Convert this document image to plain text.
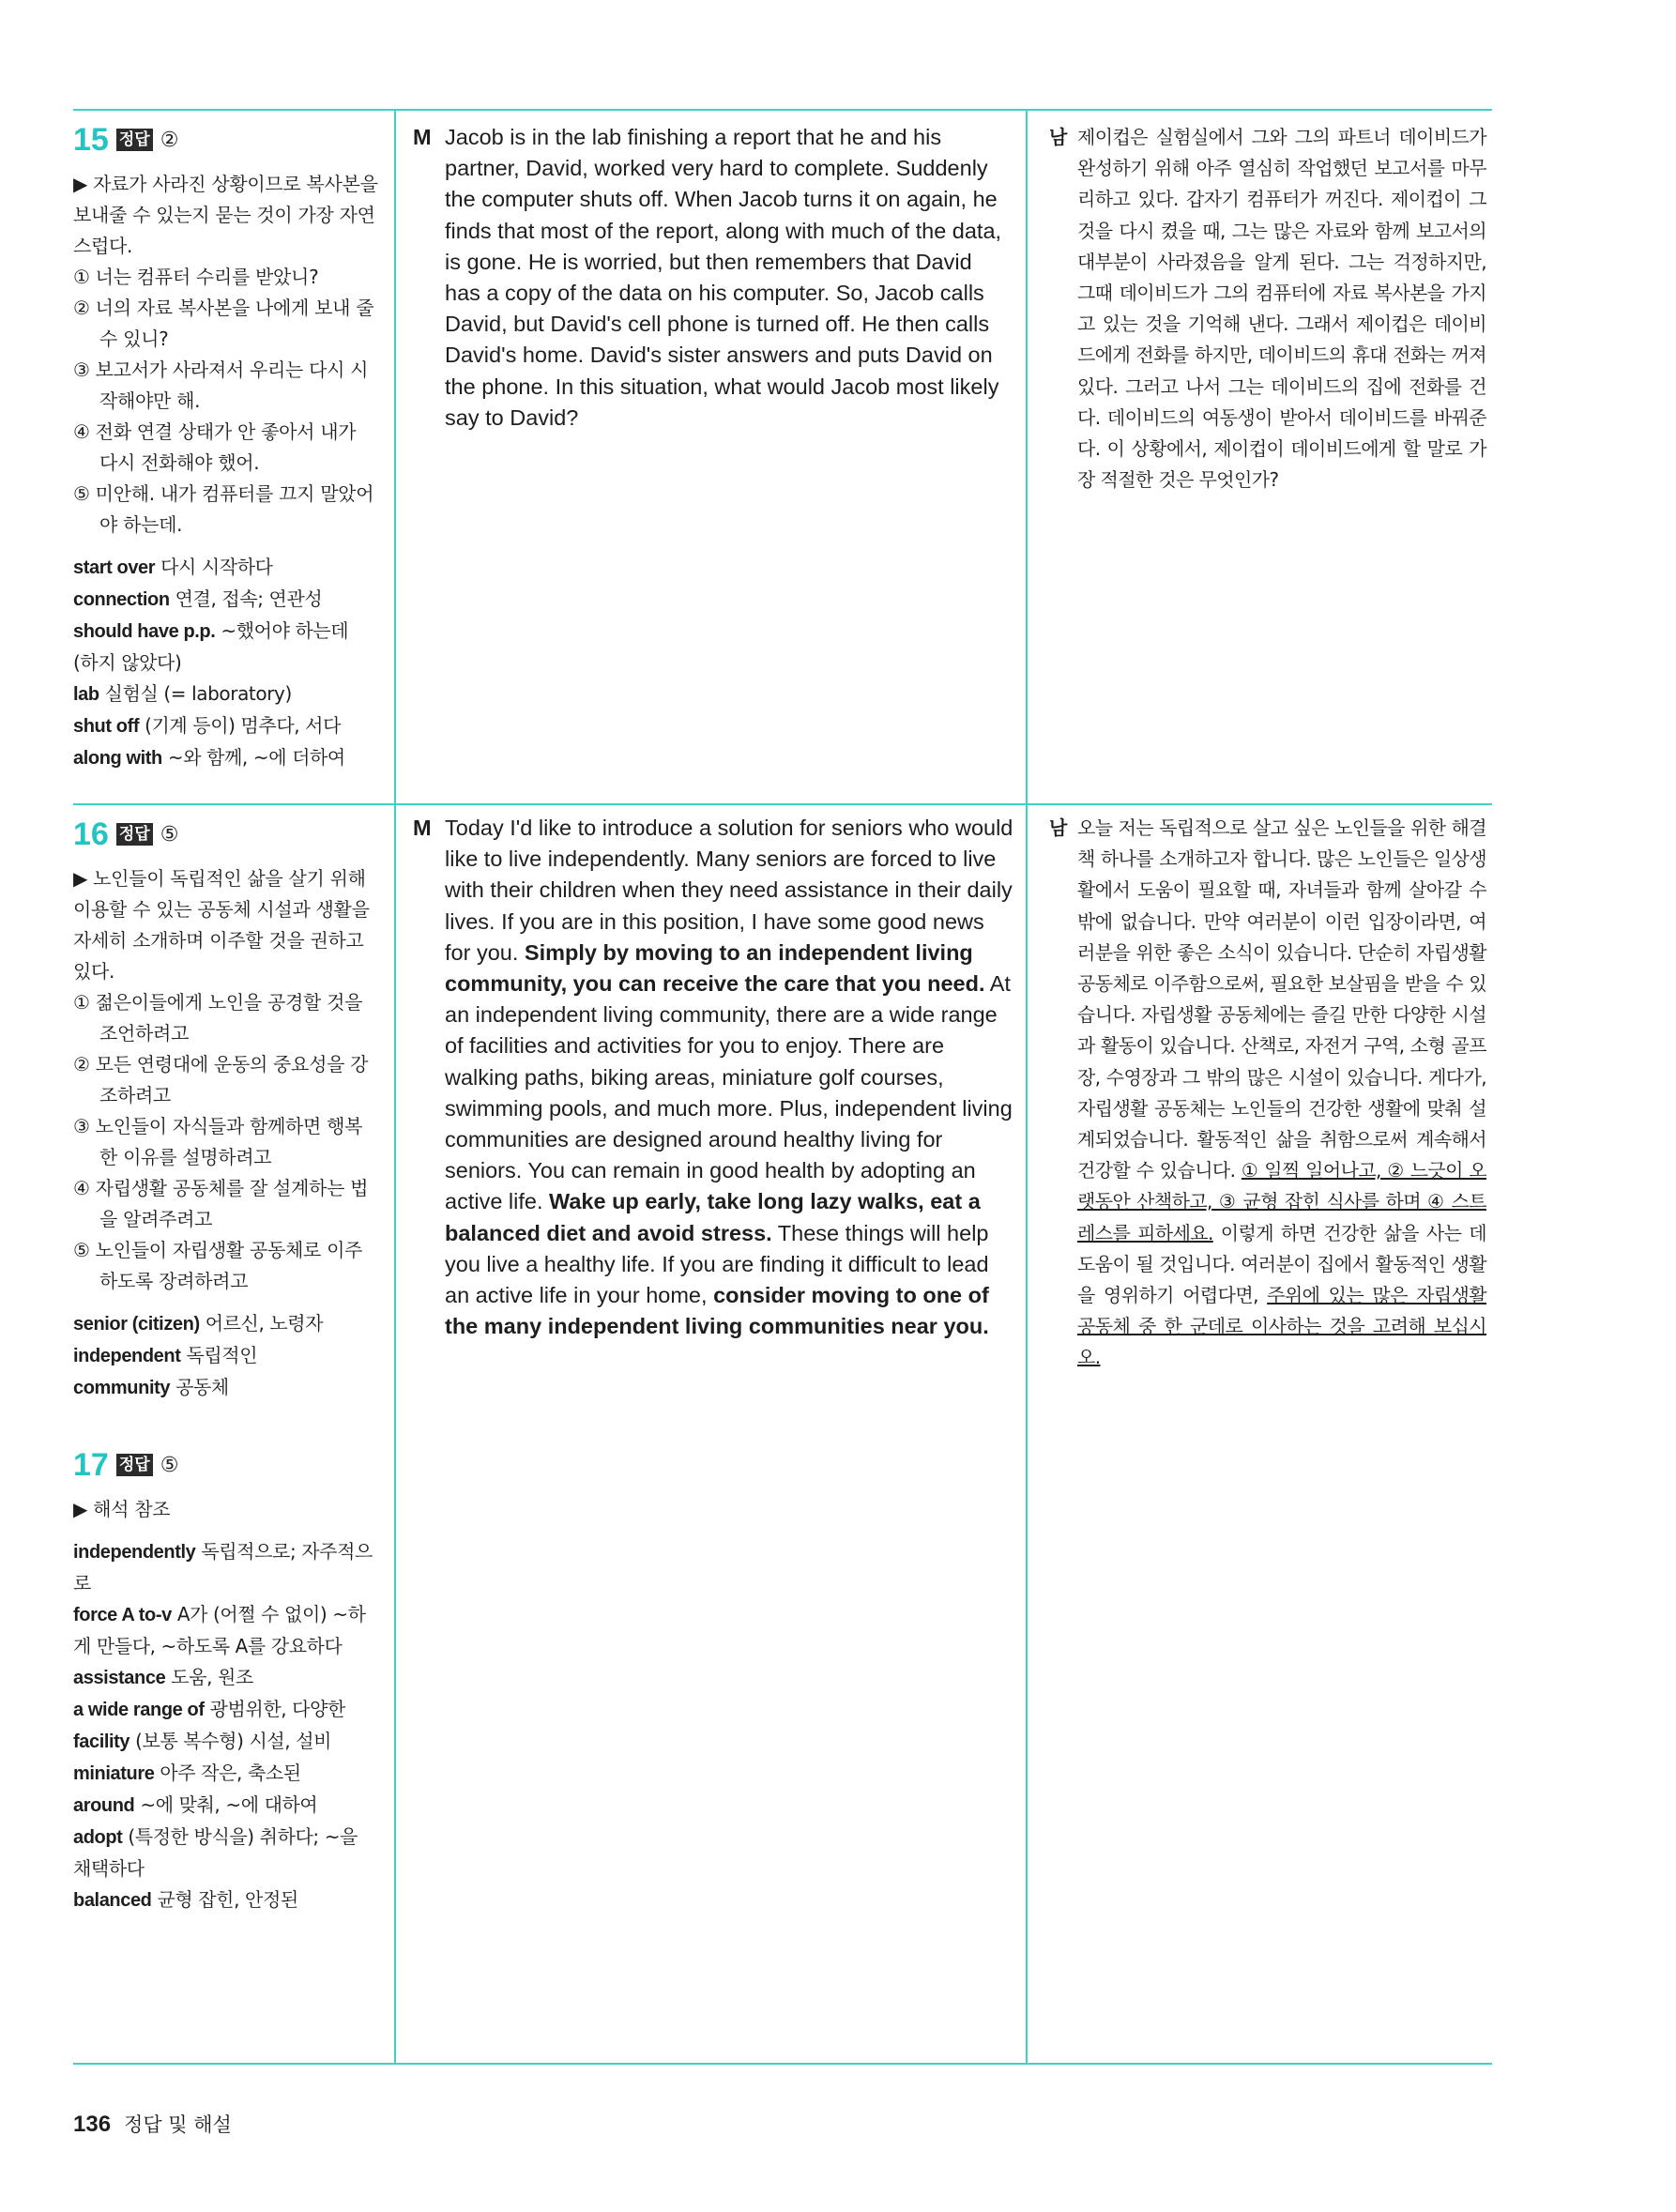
15 정답 ②
▶ 자료가 사라진 상황이므로 복사본을 보내줄 수 있는지 묻는 것이 가장 자연스럽다.
① 너는 컴퓨터 수리를 받았니?
② 너의 자료 복사본을 나에게 보내 줄 수 있니?
③ 보고서가 사라져서 우리는 다시 시작해야만 해.
④ 전화 연결 상태가 안 좋아서 내가 다시 전화해야 했어.
⑤ 미안해. 내가 컴퓨터를 끄지 말았어야 하는데.
start over 다시 시작하다
connection 연결, 접속; 연관성
should have p.p. ~했어야 하는데 (하지 않았다)
lab 실험실 (= laboratory)
shut off (기계 등이) 멈추다, 서다
along with ~와 함께, ~에 더하여
M Jacob is in the lab finishing a report that he and his partner, David, worked very hard to complete. Suddenly the computer shuts off. When Jacob turns it on again, he finds that most of the report, along with much of the data, is gone. He is worried, but then remembers that David has a copy of the data on his computer. So, Jacob calls David, but David's cell phone is turned off. He then calls David's home. David's sister answers and puts David on the phone. In this situation, what would Jacob most likely say to David?
남 제이컵은 실험실에서 그와 그의 파트너 데이비드가 완성하기 위해 아주 열심히 작업했던 보고서를 마무리하고 있다. 갑자기 컴퓨터가 꺼진다. 제이컵이 그것을 다시 켰을 때, 그는 많은 자료와 함께 보고서의 대부분이 사라졌음을 알게 된다. 그는 걱정하지만, 그때 데이비드가 그의 컴퓨터에 자료 복사본을 가지고 있는 것을 기억해 낸다. 그래서 제이컵은 데이비드에게 전화를 하지만, 데이비드의 휴대 전화는 꺼져있다. 그러고 나서 그는 데이비드의 집에 전화를 건다. 데이비드의 여동생이 받아서 데이비드를 바꿔준다. 이 상황에서, 제이컵이 데이비드에게 할 말로 가장 적절한 것은 무엇인가?
16 정답 ⑤
▶ 노인들이 독립적인 삶을 살기 위해 이용할 수 있는 공동체 시설과 생활을 자세히 소개하며 이주할 것을 권하고 있다.
① 젊은이들에게 노인을 공경할 것을 조언하려고
② 모든 연령대에 운동의 중요성을 강조하려고
③ 노인들이 자식들과 함께하면 행복한 이유를 설명하려고
④ 자립생활 공동체를 잘 설계하는 법을 알려주려고
⑤ 노인들이 자립생활 공동체로 이주하도록 장려하려고
senior (citizen) 어르신, 노령자
independent 독립적인
community 공동체
17 정답 ⑤
▶ 해석 참조
independently 독립적으로; 자주적으로
force A to-v A가 (어쩔 수 없이) ~하게 만들다, ~하도록 A를 강요하다
assistance 도움, 원조
a wide range of 광범위한, 다양한
facility (보통 복수형) 시설, 설비
miniature 아주 작은, 축소된
around ~에 맞춰, ~에 대하여
adopt (특정한 방식을) 취하다; ~을 채택하다
balanced 균형 잡힌, 안정된
M Today I'd like to introduce a solution for seniors who would like to live independently. Many seniors are forced to live with their children when they need assistance in their daily lives. If you are in this position, I have some good news for you. Simply by moving to an independent living community, you can receive the care that you need. At an independent living community, there are a wide range of facilities and activities for you to enjoy. There are walking paths, biking areas, miniature golf courses, swimming pools, and much more. Plus, independent living communities are designed around healthy living for seniors. You can remain in good health by adopting an active life. Wake up early, take long lazy walks, eat a balanced diet and avoid stress. These things will help you live a healthy life. If you are finding it difficult to lead an active life in your home, consider moving to one of the many independent living communities near you.
남 오늘 저는 독립적으로 살고 싶은 노인들을 위한 해결책 하나를 소개하고자 합니다. 많은 노인들은 일상생활에서 도움이 필요할 때, 자녀들과 함께 살아갈 수밖에 없습니다. 만약 여러분이 이런 입장이라면, 여러분을 위한 좋은 소식이 있습니다. 단순히 자립생활 공동체로 이주함으로써, 필요한 보살핌을 받을 수 있습니다. 자립생활 공동체에는 즐길 만한 다양한 시설과 활동이 있습니다. 산책로, 자전거 구역, 소형 골프장, 수영장과 그 밖의 많은 시설이 있습니다. 게다가, 자립생활 공동체는 노인들의 건강한 생활에 맞춰 설계되었습니다. 활동적인 삶을 취함으로써 계속해서 건강할 수 있습니다. ① 일찍 일어나고, ② 느긋이 오랫동안 산책하고, ③ 균형 잡힌 식사를 하며 ④ 스트레스를 피하세요. 이렇게 하면 건강한 삶을 사는 데 도움이 될 것입니다. 여러분이 집에서 활동적인 생활을 영위하기 어렵다면, 주위에 있는 많은 자립생활 공동체 중 한 군데로 이사하는 것을 고려해 보십시오.
136 정답 및 해설
